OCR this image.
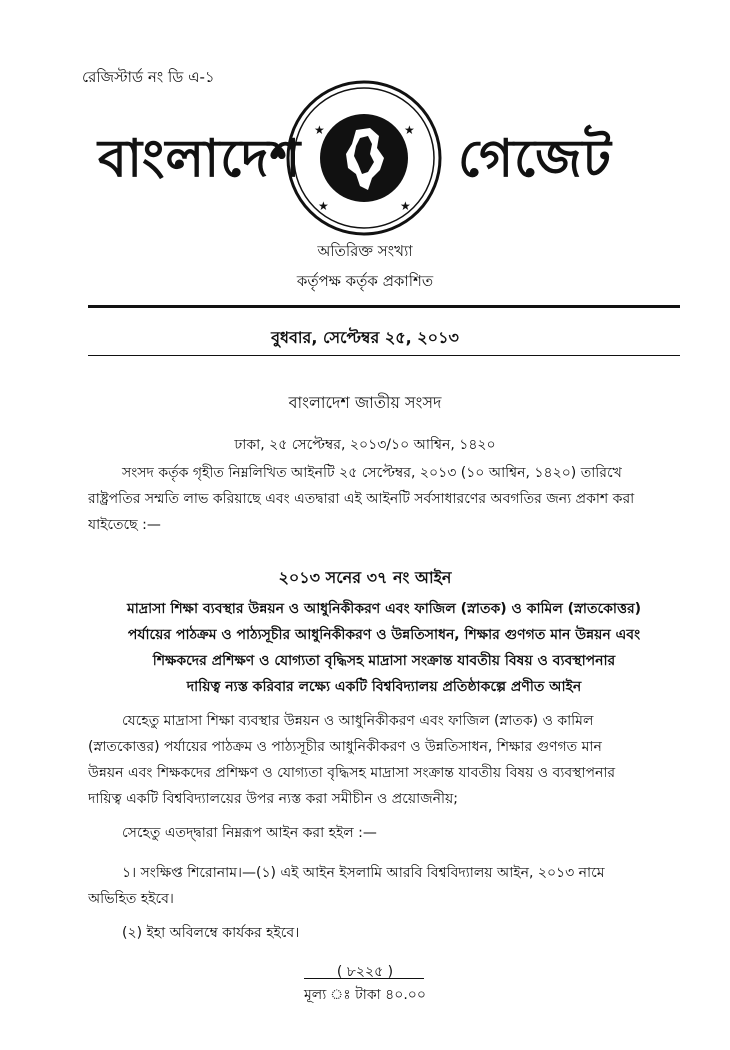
রেজিস্টার্ড নং ডি এ-১
বাংলাদেশ
★	★
★	★ গেজেট
অতিরিক্ত সংখ্যা
কর্তৃপক্ষ কর্তৃক প্রকাশিত
বুধবার, সেপ্টেম্বর ২৫, ২০১৩
বাংলাদেশ জাতীয় সংসদ
ঢাকা, ২৫ সেপ্টেম্বর, ২০১৩/১০ আশ্বিন, ১৪২০
সংসদ কর্তৃক গৃহীত নিম্নলিখিত আইনটি ২৫ সেপ্টেম্বর, ২০১৩ (১০ আশ্বিন, ১৪২০) তারিখে
রাষ্ট্রপতির সম্মতি লাভ করিয়াছে এবং এতদ্বারা এই আইনটি সর্বসাধারণের অবগতির জন্য প্রকাশ করা
যাইতেছে :—
২০১৩ সনের ৩৭ নং আইন
মাদ্রাসা শিক্ষা ব্যবস্থার উন্নয়ন ও আধুনিকীকরণ এবং ফাজিল (স্নাতক) ও কামিল (স্নাতকোত্তর)
পর্যায়ের পাঠক্রম ও পাঠ্যসূচীর আধুনিকীকরণ ও উন্নতিসাধন, শিক্ষার গুণগত মান উন্নয়ন এবং
শিক্ষকদের প্রশিক্ষণ ও যোগ্যতা বৃদ্ধিসহ মাদ্রাসা সংক্রান্ত যাবতীয় বিষয় ও ব্যবস্থাপনার
দায়িত্ব ন্যস্ত করিবার লক্ষ্যে একটি বিশ্ববিদ্যালয় প্রতিষ্ঠাকল্পে প্রণীত আইন
যেহেতু মাদ্রাসা শিক্ষা ব্যবস্থার উন্নয়ন ও আধুনিকীকরণ এবং ফাজিল (স্নাতক) ও কামিল
(স্নাতকোত্তর) পর্যায়ের পাঠক্রম ও পাঠ্যসূচীর আধুনিকীকরণ ও উন্নতিসাধন, শিক্ষার গুণগত মান
উন্নয়ন এবং শিক্ষকদের প্রশিক্ষণ ও যোগ্যতা বৃদ্ধিসহ মাদ্রাসা সংক্রান্ত যাবতীয় বিষয় ও ব্যবস্থাপনার
দায়িত্ব একটি বিশ্ববিদ্যালয়ের উপর ন্যস্ত করা সমীচীন ও প্রয়োজনীয়;
সেহেতু এতদ্দ্বারা নিম্নরূপ আইন করা হইল :—
১। সংক্ষিপ্ত শিরোনাম।—(১) এই আইন ইসলামি আরবি বিশ্ববিদ্যালয় আইন, ২০১৩ নামে
অভিহিত হইবে।
(২) ইহা অবিলম্বে কার্যকর হইবে।
( ৮২২৫ )
মূল্য ঃ টাকা ৪০.০০
